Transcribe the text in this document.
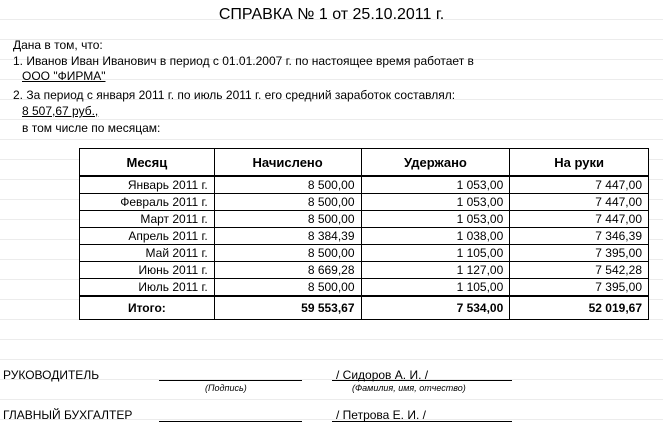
СПРАВКА № 1 от 25.10.2011 г.
Дана в том, что:
1. Иванов Иван Иванович в период с 01.01.2007 г. по настоящее время работает в
ООО "ФИРМА"
2. За период с января 2011 г. по июль 2011 г. его средний заработок составлял:
8 507,67 руб.,
в том числе по месяцам:
Месяц	Начислено	Удержано	На руки
Январь 2011 г.	8 500,00	1 053,00	7 447,00
Февраль 2011 г.	8 500,00	1 053,00	7 447,00
Март 2011 г.	8 500,00	1 053,00	7 447,00
Апрель 2011 г.	8 384,39	1 038,00	7 346,39
Май 2011 г.	8 500,00	1 105,00	7 395,00
Июнь 2011 г.	8 669,28	1 127,00	7 542,28
Июль 2011 г.	8 500,00	1 105,00	7 395,00
Итого:	59 553,67	7 534,00	52 019,67
РУКОВОДИТЕЛЬ
(Подпись)
/ Сидоров А. И. /
(Фамилия, имя, отчество)
ГЛАВНЫЙ БУХГАЛТЕР	/ Петрова Е. И. /
